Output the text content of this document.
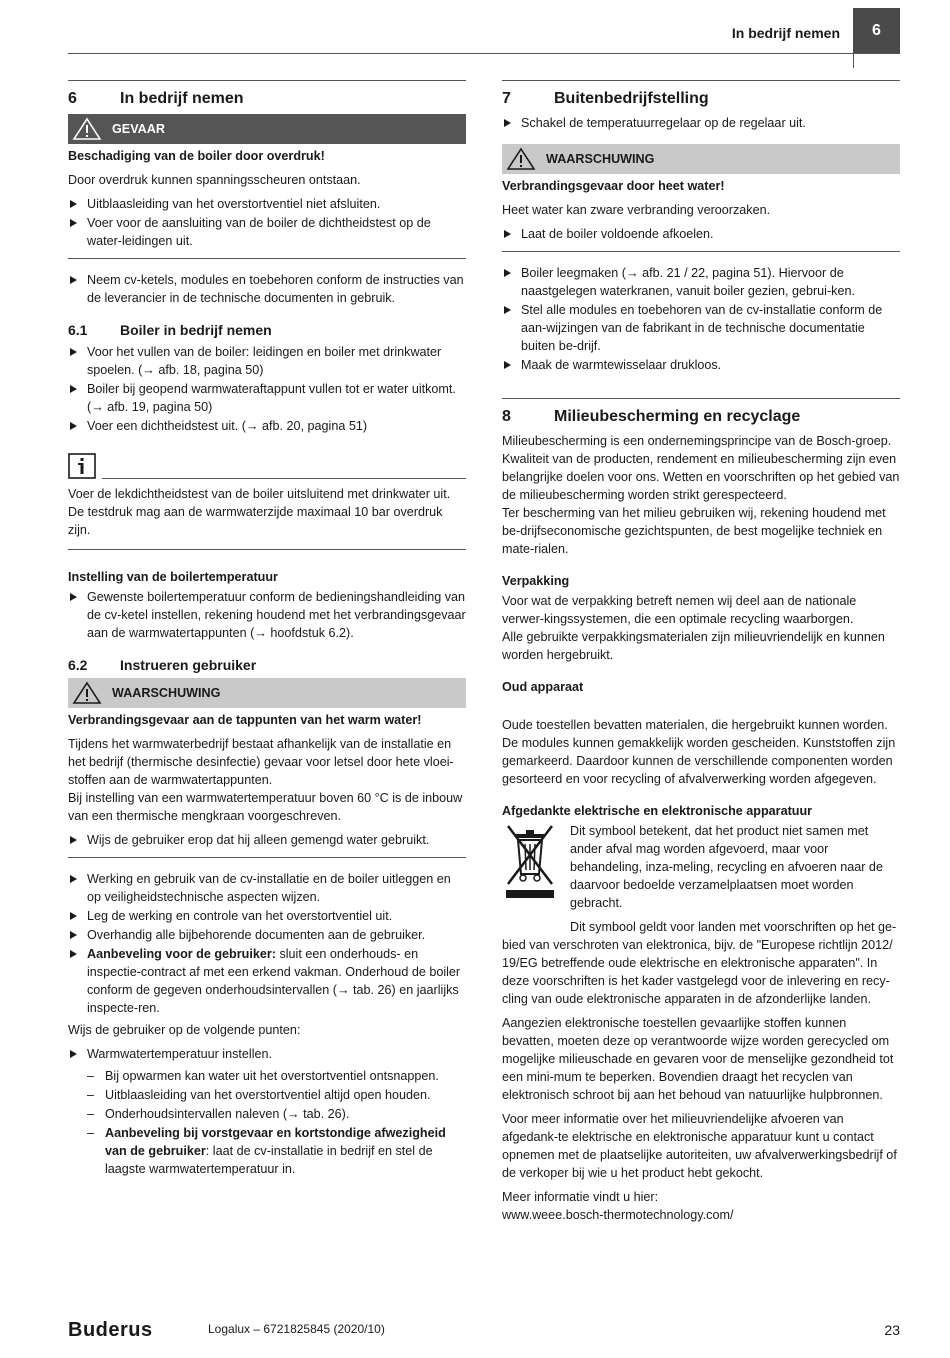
In bedrijf nemen	6
6	In bedrijf nemen
GEVAAR

Beschadiging van de boiler door overdruk!

Door overdruk kunnen spanningsscheuren ontstaan.

Uitblaasleiding van het overstortventiel niet afsluiten.
Voer voor de aansluiting van de boiler de dichtheidstest op de water-leidingen uit.
Neem cv-ketels, modules en toebehoren conform de instructies van de leverancier in de technische documenten in gebruik.
6.1	Boiler in bedrijf nemen
Voor het vullen van de boiler: leidingen en boiler met drinkwater spoelen. (→ afb. 18, pagina 50)
Boiler bij geopend warmwateraftappunt vullen tot er water uitkomt. (→ afb. 19, pagina 50)
Voer een dichtheidstest uit. (→ afb. 20, pagina 51)

Voer de lekdichtheidstest van de boiler uitsluitend met drinkwater uit. De testdruk mag aan de warmwaterzijde maximaal 10 bar overdruk zijn.

Instelling van de boilertemperatuur
Gewenste boilertemperatuur conform de bedieningshandleiding van de cv-ketel instellen, rekening houdend met het verbrandingsgevaar aan de warmwatertappunten (→ hoofdstuk 6.2).
6.2	Instrueren gebruiker
WAARSCHUWING

Verbrandingsgevaar aan de tappunten van het warm water!

Tijdens het warmwaterbedrijf bestaat afhankelijk van de installatie en het bedrijf (thermische desinfectie) gevaar voor letsel door hete vloei-stoffen aan de warmwatertappunten.

Bij instelling van een warmwatertemperatuur boven 60 °C is de inbouw van een thermische mengkraan voorgeschreven.

Wijs de gebruiker erop dat hij alleen gemengd water gebruikt.
Werking en gebruik van de cv-installatie en de boiler uitleggen en op veiligheidstechnische aspecten wijzen.
Leg de werking en controle van het overstortventiel uit.
Overhandig alle bijbehorende documenten aan de gebruiker.
Aanbeveling voor de gebruiker: sluit een onderhouds- en inspectie-contract af met een erkend vakman. Onderhoud de boiler conform de gegeven onderhoudsintervallen (→ tab. 26) en jaarlijks inspecte-ren.

Wijs de gebruiker op de volgende punten:

Warmwatertemperatuur instellen.
– Bij opwarmen kan water uit het overstortventiel ontsnappen.
– Uitblaasleiding van het overstortventiel altijd open houden.
– Onderhoudsintervallen naleven (→ tab. 26).
– Aanbeveling bij vorstgevaar en kortstondige afwezigheid van de gebruiker: laat de cv-installatie in bedrijf en stel de laagste warmwatertemperatuur in.
7	Buitenbedrijfstelling
Schakel de temperatuurregelaar op de regelaar uit.
WAARSCHUWING

Verbrandingsgevaar door heet water!

Heet water kan zware verbranding veroorzaken.

Laat de boiler voldoende afkoelen.
Boiler leegmaken (→ afb. 21 / 22, pagina 51). Hiervoor de naastgelegen waterkranen, vanuit boiler gezien, gebrui-ken.
Stel alle modules en toebehoren van de cv-installatie conform de aan-wijzingen van de fabrikant in de technische documentatie buiten be-drijf.
Maak de warmtewisselaar drukloos.
8	Milieubescherming en recyclage

Milieubescherming is een ondernemingsprincipe van de Bosch-groep. Kwaliteit van de producten, rendement en milieubescherming zijn even belangrijke doelen voor ons. Wetten en voorschriften op het gebied van de milieubescherming worden strikt gerespecteerd.

Ter bescherming van het milieu gebruiken wij, rekening houdend met be-drijfseconomische gezichtspunten, de best mogelijke techniek en mate-rialen.

Verpakking

Voor wat de verpakking betreft nemen wij deel aan de nationale verwer-kingssystemen, die een optimale recycling waarborgen.

Alle gebruikte verpakkingsmaterialen zijn milieuvriendelijk en kunnen worden hergebruikt.

Oud apparaat

Oude toestellen bevatten materialen, die hergebruikt kunnen worden. De modules kunnen gemakkelijk worden gescheiden. Kunststoffen zijn gemarkeerd. Daardoor kunnen de verschillende componenten worden gesorteerd en voor recycling of afvalverwerking worden afgegeven.

Afgedankte elektrische en elektronische apparatuur

Dit symbool betekent, dat het product niet samen met ander afval mag worden afgevoerd, maar voor behandeling, inza-meling, recycling en afvoeren naar de daarvoor bedoelde verzamelplaatsen moet worden gebracht.

Dit symbool geldt voor landen met voorschriften op het ge-bied van verschroten van elektronica, bijv. de "Europese richtlijn 2012/ 19/EG betreffende oude elektrische en elektronische apparaten". In deze voorschriften is het kader vastgelegd voor de inlevering en recy-cling van oude elektronische apparaten in de afzonderlijke landen.

Aangezien elektronische toestellen gevaarlijke stoffen kunnen bevatten, moeten deze op verantwoorde wijze worden gerecycled om mogelijke milieuschade en gevaren voor de menselijke gezondheid tot een mini-mum te beperken. Bovendien draagt het recyclen van elektronisch schroot bij aan het behoud van natuurlijke hulpbronnen.

Voor meer informatie over het milieuvriendelijke afvoeren van afgedank-te elektrische en elektronische apparatuur kunt u contact opnemen met de plaatselijke autoriteiten, uw afvalverwerkingsbedrijf of de verkoper bij wie u het product hebt gekocht.

Meer informatie vindt u hier:

www.weee.bosch-thermotechnology.com/

Buderus	Logalux – 6721825845 (2020/10)	23
